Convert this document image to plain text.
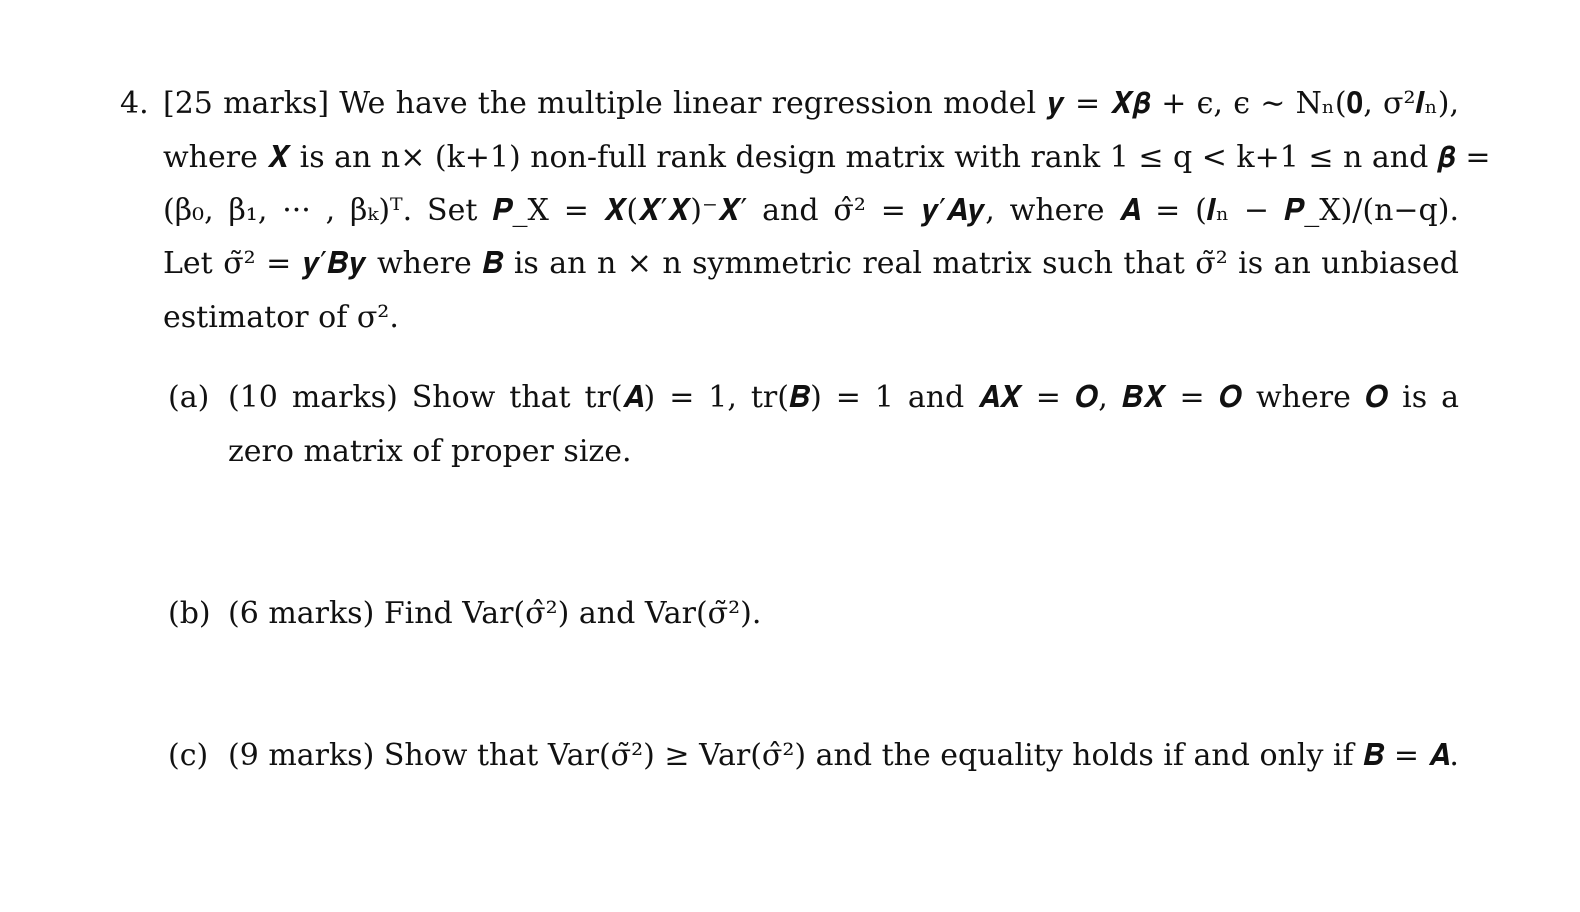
4. [25 marks] We have the multiple linear regression model 𝒚 = 𝑿𝜷 + ϵ, ϵ ∼ Nₙ(𝟎, σ²𝑰ₙ),
where 𝑿 is an n× (k+1) non-full rank design matrix with rank 1 ≤ q < k+1 ≤ n and 𝜷 =
(β₀, β₁, ··· , βₖ)ᵀ. Set 𝑷_X = 𝑿(𝑿′𝑿)⁻𝑿′ and σ̂² = 𝒚′𝑨𝒚, where 𝑨 = (𝑰ₙ − 𝑷_X)/(n−q).
Let σ̃² = 𝒚′𝑩𝒚 where 𝑩 is an n × n symmetric real matrix such that σ̃² is an unbiased
estimator of σ².
(a) (10 marks) Show that tr(𝑨) = 1, tr(𝑩) = 1 and 𝑨𝑿 = 𝑶, 𝑩𝑿 = 𝑶 where 𝑶 is a
zero matrix of proper size.
(b) (6 marks) Find Var(σ̂²) and Var(σ̃²).
(c) (9 marks) Show that Var(σ̃²) ≥ Var(σ̂²) and the equality holds if and only if 𝑩 = 𝑨.
